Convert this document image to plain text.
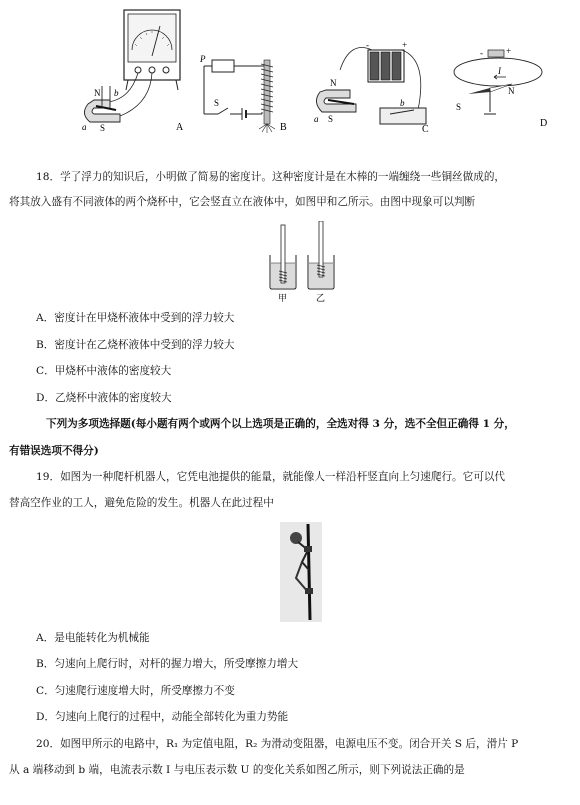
N b
a S	A
P
S
B
-	+
N
a S
b
C
-	+
I
S
N
D
18．学了浮力的知识后，小明做了简易的密度计。这种密度计是在木棒的一端缠绕一些铜丝做成的，
将其放入盛有不同液体的两个烧杯中，它会竖直立在液体中，如图甲和乙所示。由图中现象可以判断
甲	乙
A．密度计在甲烧杯液体中受到的浮力较大
B．密度计在乙烧杯液体中受到的浮力较大
C．甲烧杯中液体的密度较大
D．乙烧杯中液体的密度较大
下列为多项选择题(每小题有两个或两个以上选项是正确的，全选对得 3 分，选不全但正确得 1 分，
有错误选项不得分)
19．如图为一种爬杆机器人，它凭电池提供的能量，就能像人一样沿杆竖直向上匀速爬行。它可以代
替高空作业的工人，避免危险的发生。机器人在此过程中
A．是电能转化为机械能
B．匀速向上爬行时，对杆的握力增大，所受摩擦力增大
C．匀速爬行速度增大时，所受摩擦力不变
D．匀速向上爬行的过程中，动能全部转化为重力势能
20．如图甲所示的电路中，R₁ 为定值电阻，R₂ 为滑动变阻器，电源电压不变。闭合开关 S 后，滑片 P
从 a 端移动到 b 端，电流表示数 I 与电压表示数 U 的变化关系如图乙所示，则下列说法正确的是
